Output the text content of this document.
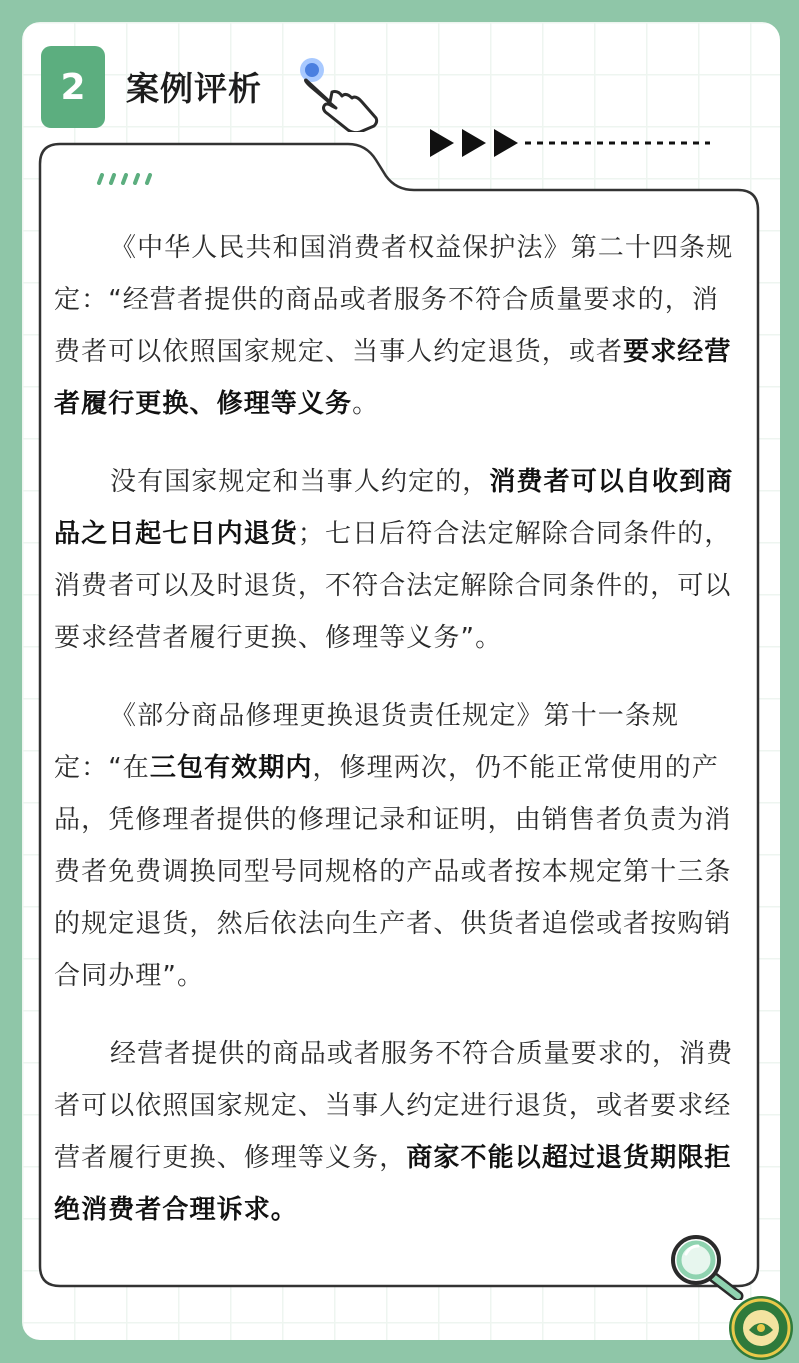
2 案例评析

《中华人民共和国消费者权益保护法》第二十四条规定：“经营者提供的商品或者服务不符合质量要求的，消费者可以依照国家规定、当事人约定退货，或者要求经营者履行更换、修理等义务。

没有国家规定和当事人约定的，消费者可以自收到商品之日起七日内退货；七日后符合法定解除合同条件的，消费者可以及时退货，不符合法定解除合同条件的，可以要求经营者履行更换、修理等义务”。

《部分商品修理更换退货责任规定》第十一条规定：“在三包有效期内，修理两次，仍不能正常使用的产品，凭修理者提供的修理记录和证明，由销售者负责为消费者免费调换同型号同规格的产品或者按本规定第十三条的规定退货，然后依法向生产者、供货者追偿或者按购销合同办理”。

经营者提供的商品或者服务不符合质量要求的，消费者可以依照国家规定、当事人约定进行退货，或者要求经营者履行更换、修理等义务，商家不能以超过退货期限拒绝消费者合理诉求。
